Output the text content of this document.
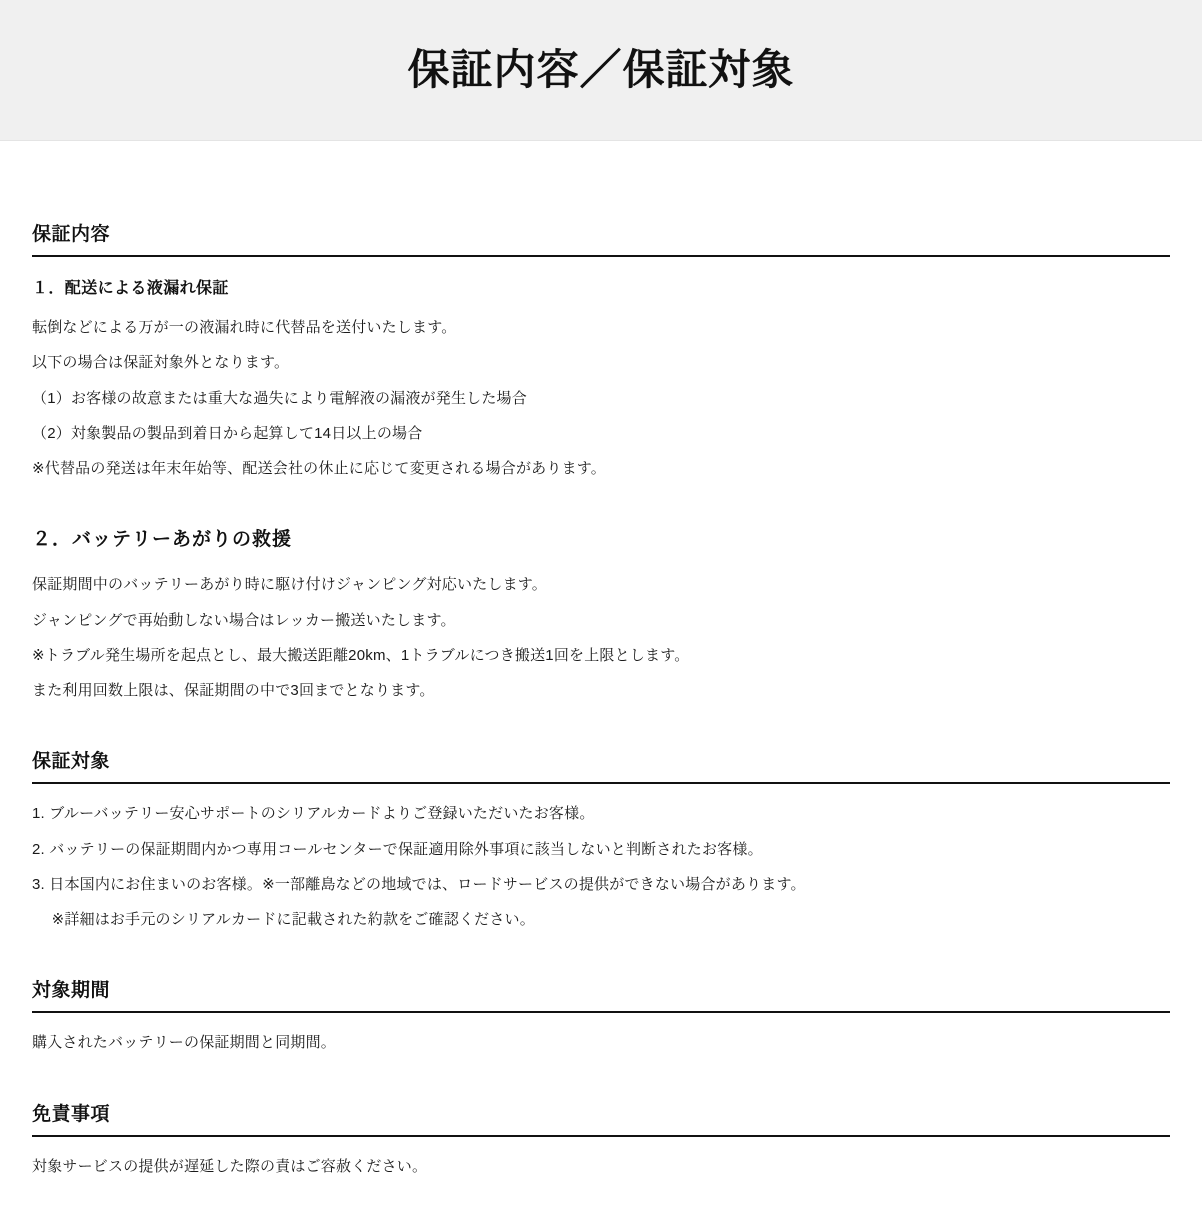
保証内容／保証対象
保証内容
１．配送による液漏れ保証

転倒などによる万が一の液漏れ時に代替品を送付いたします。

以下の場合は保証対象外となります。

（1）お客様の故意または重大な過失により電解液の漏液が発生した場合

（2）対象製品の製品到着日から起算して14日以上の場合

※代替品の発送は年末年始等、配送会社の休止に応じて変更される場合があります。

２．バッテリーあがりの救援

保証期間中のバッテリーあがり時に駆け付けジャンピング対応いたします。

ジャンピングで再始動しない場合はレッカー搬送いたします。

※トラブル発生場所を起点とし、最大搬送距離20km、1トラブルにつき搬送1回を上限とします。

また利用回数上限は、保証期間の中で3回までとなります。

保証対象

1. ブルーバッテリー安心サポートのシリアルカードよりご登録いただいたお客様。

2. バッテリーの保証期間内かつ専用コールセンターで保証適用除外事項に該当しないと判断されたお客様。

3. 日本国内にお住まいのお客様。※一部離島などの地域では、ロードサービスの提供ができない場合があります。

　 ※詳細はお手元のシリアルカードに記載された約款をご確認ください。

対象期間

購入されたバッテリーの保証期間と同期間。

免責事項

対象サービスの提供が遅延した際の責はご容赦ください。
